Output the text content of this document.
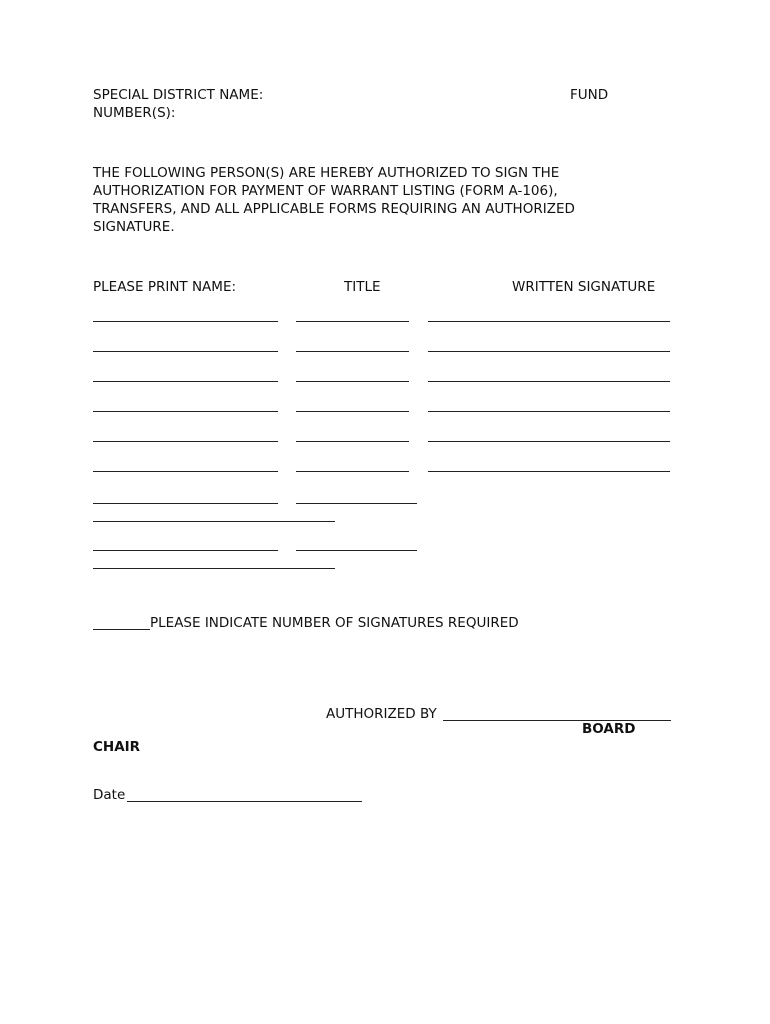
SPECIAL DISTRICT NAME:	FUND
NUMBER(S):
THE FOLLOWING PERSON(S) ARE HEREBY AUTHORIZED TO SIGN THE
AUTHORIZATION FOR PAYMENT OF WARRANT LISTING (FORM A-106),
TRANSFERS, AND ALL APPLICABLE FORMS REQUIRING AN AUTHORIZED
SIGNATURE.
PLEASE PRINT NAME:	TITLE	WRITTEN SIGNATURE
PLEASE INDICATE NUMBER OF SIGNATURES REQUIRED
AUTHORIZED BY
BOARD
CHAIR
Date
